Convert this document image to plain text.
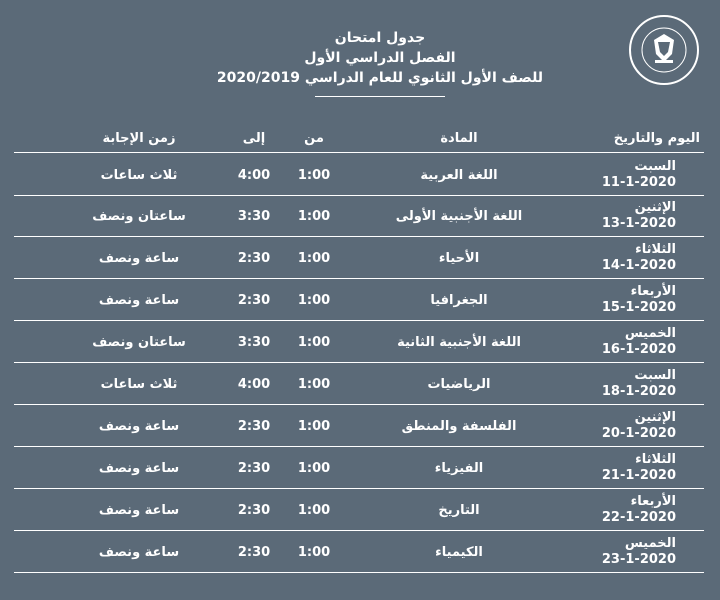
جدول امتحان
الفصل الدراسي الأول
للصف الأول الثانوي للعام الدراسي 2020/2019
اليوم والتاريخ
المادة
من
إلى
زمن الإجابة
السبت
11-1-2020
اللغة العربية
1:00
4:00
ثلاث ساعات
الإثنين
13-1-2020
اللغة الأجنبية الأولى
1:00
3:30
ساعتان ونصف
الثلاثاء
14-1-2020
الأحياء
1:00
2:30
ساعة ونصف
الأربعاء
15-1-2020
الجغرافيا
1:00
2:30
ساعة ونصف
الخميس
16-1-2020
اللغة الأجنبية الثانية
1:00
3:30
ساعتان ونصف
السبت
18-1-2020
الرياضيات
1:00
4:00
ثلاث ساعات
الإثنين
20-1-2020
الفلسفة والمنطق
1:00
2:30
ساعة ونصف
الثلاثاء
21-1-2020
الفيزياء
1:00
2:30
ساعة ونصف
الأربعاء
22-1-2020
التاريخ
1:00
2:30
ساعة ونصف
الخميس
23-1-2020
الكيمياء
1:00
2:30
ساعة ونصف
